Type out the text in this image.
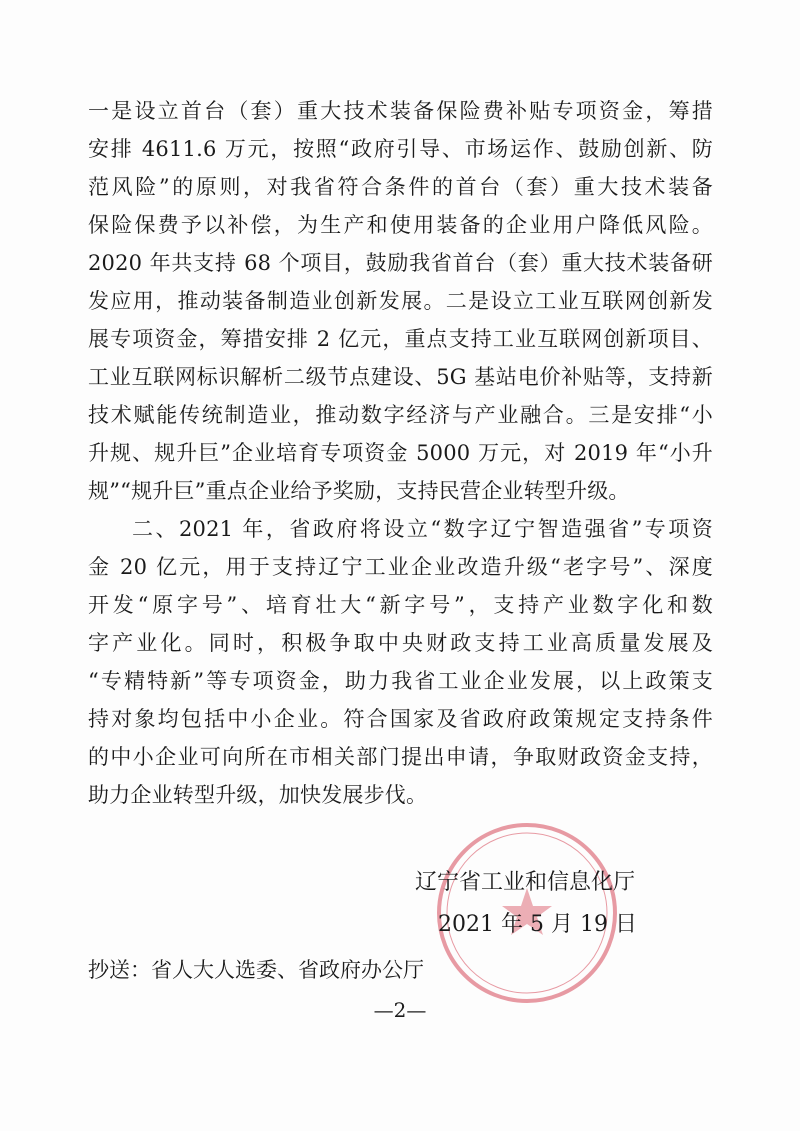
一是设立首台（套）重大技术装备保险费补贴专项资金，筹措
安排 4611.6 万元，按照“政府引导、市场运作、鼓励创新、防
范风险”的原则，对我省符合条件的首台（套）重大技术装备
保险保费予以补偿，为生产和使用装备的企业用户降低风险。
2020 年共支持 68 个项目，鼓励我省首台（套）重大技术装备研
发应用，推动装备制造业创新发展。二是设立工业互联网创新发
展专项资金，筹措安排 2 亿元，重点支持工业互联网创新项目、
工业互联网标识解析二级节点建设、5G 基站电价补贴等，支持新
技术赋能传统制造业，推动数字经济与产业融合。三是安排“小
升规、规升巨”企业培育专项资金 5000 万元，对 2019 年“小升
规”“规升巨”重点企业给予奖励，支持民营企业转型升级。
二、2021 年，省政府将设立“数字辽宁智造强省”专项资
金 20 亿元，用于支持辽宁工业企业改造升级“老字号”、深度
开发“原字号”、培育壮大“新字号”，支持产业数字化和数
字产业化。同时，积极争取中央财政支持工业高质量发展及
“专精特新”等专项资金，助力我省工业企业发展，以上政策支
持对象均包括中小企业。符合国家及省政府政策规定支持条件
的中小企业可向所在市相关部门提出申请，争取财政资金支持，
助力企业转型升级，加快发展步伐。
辽宁省工业和信息化厅
2021 年 5 月 19 日
抄送：省人大人选委、省政府办公厅
—2—
